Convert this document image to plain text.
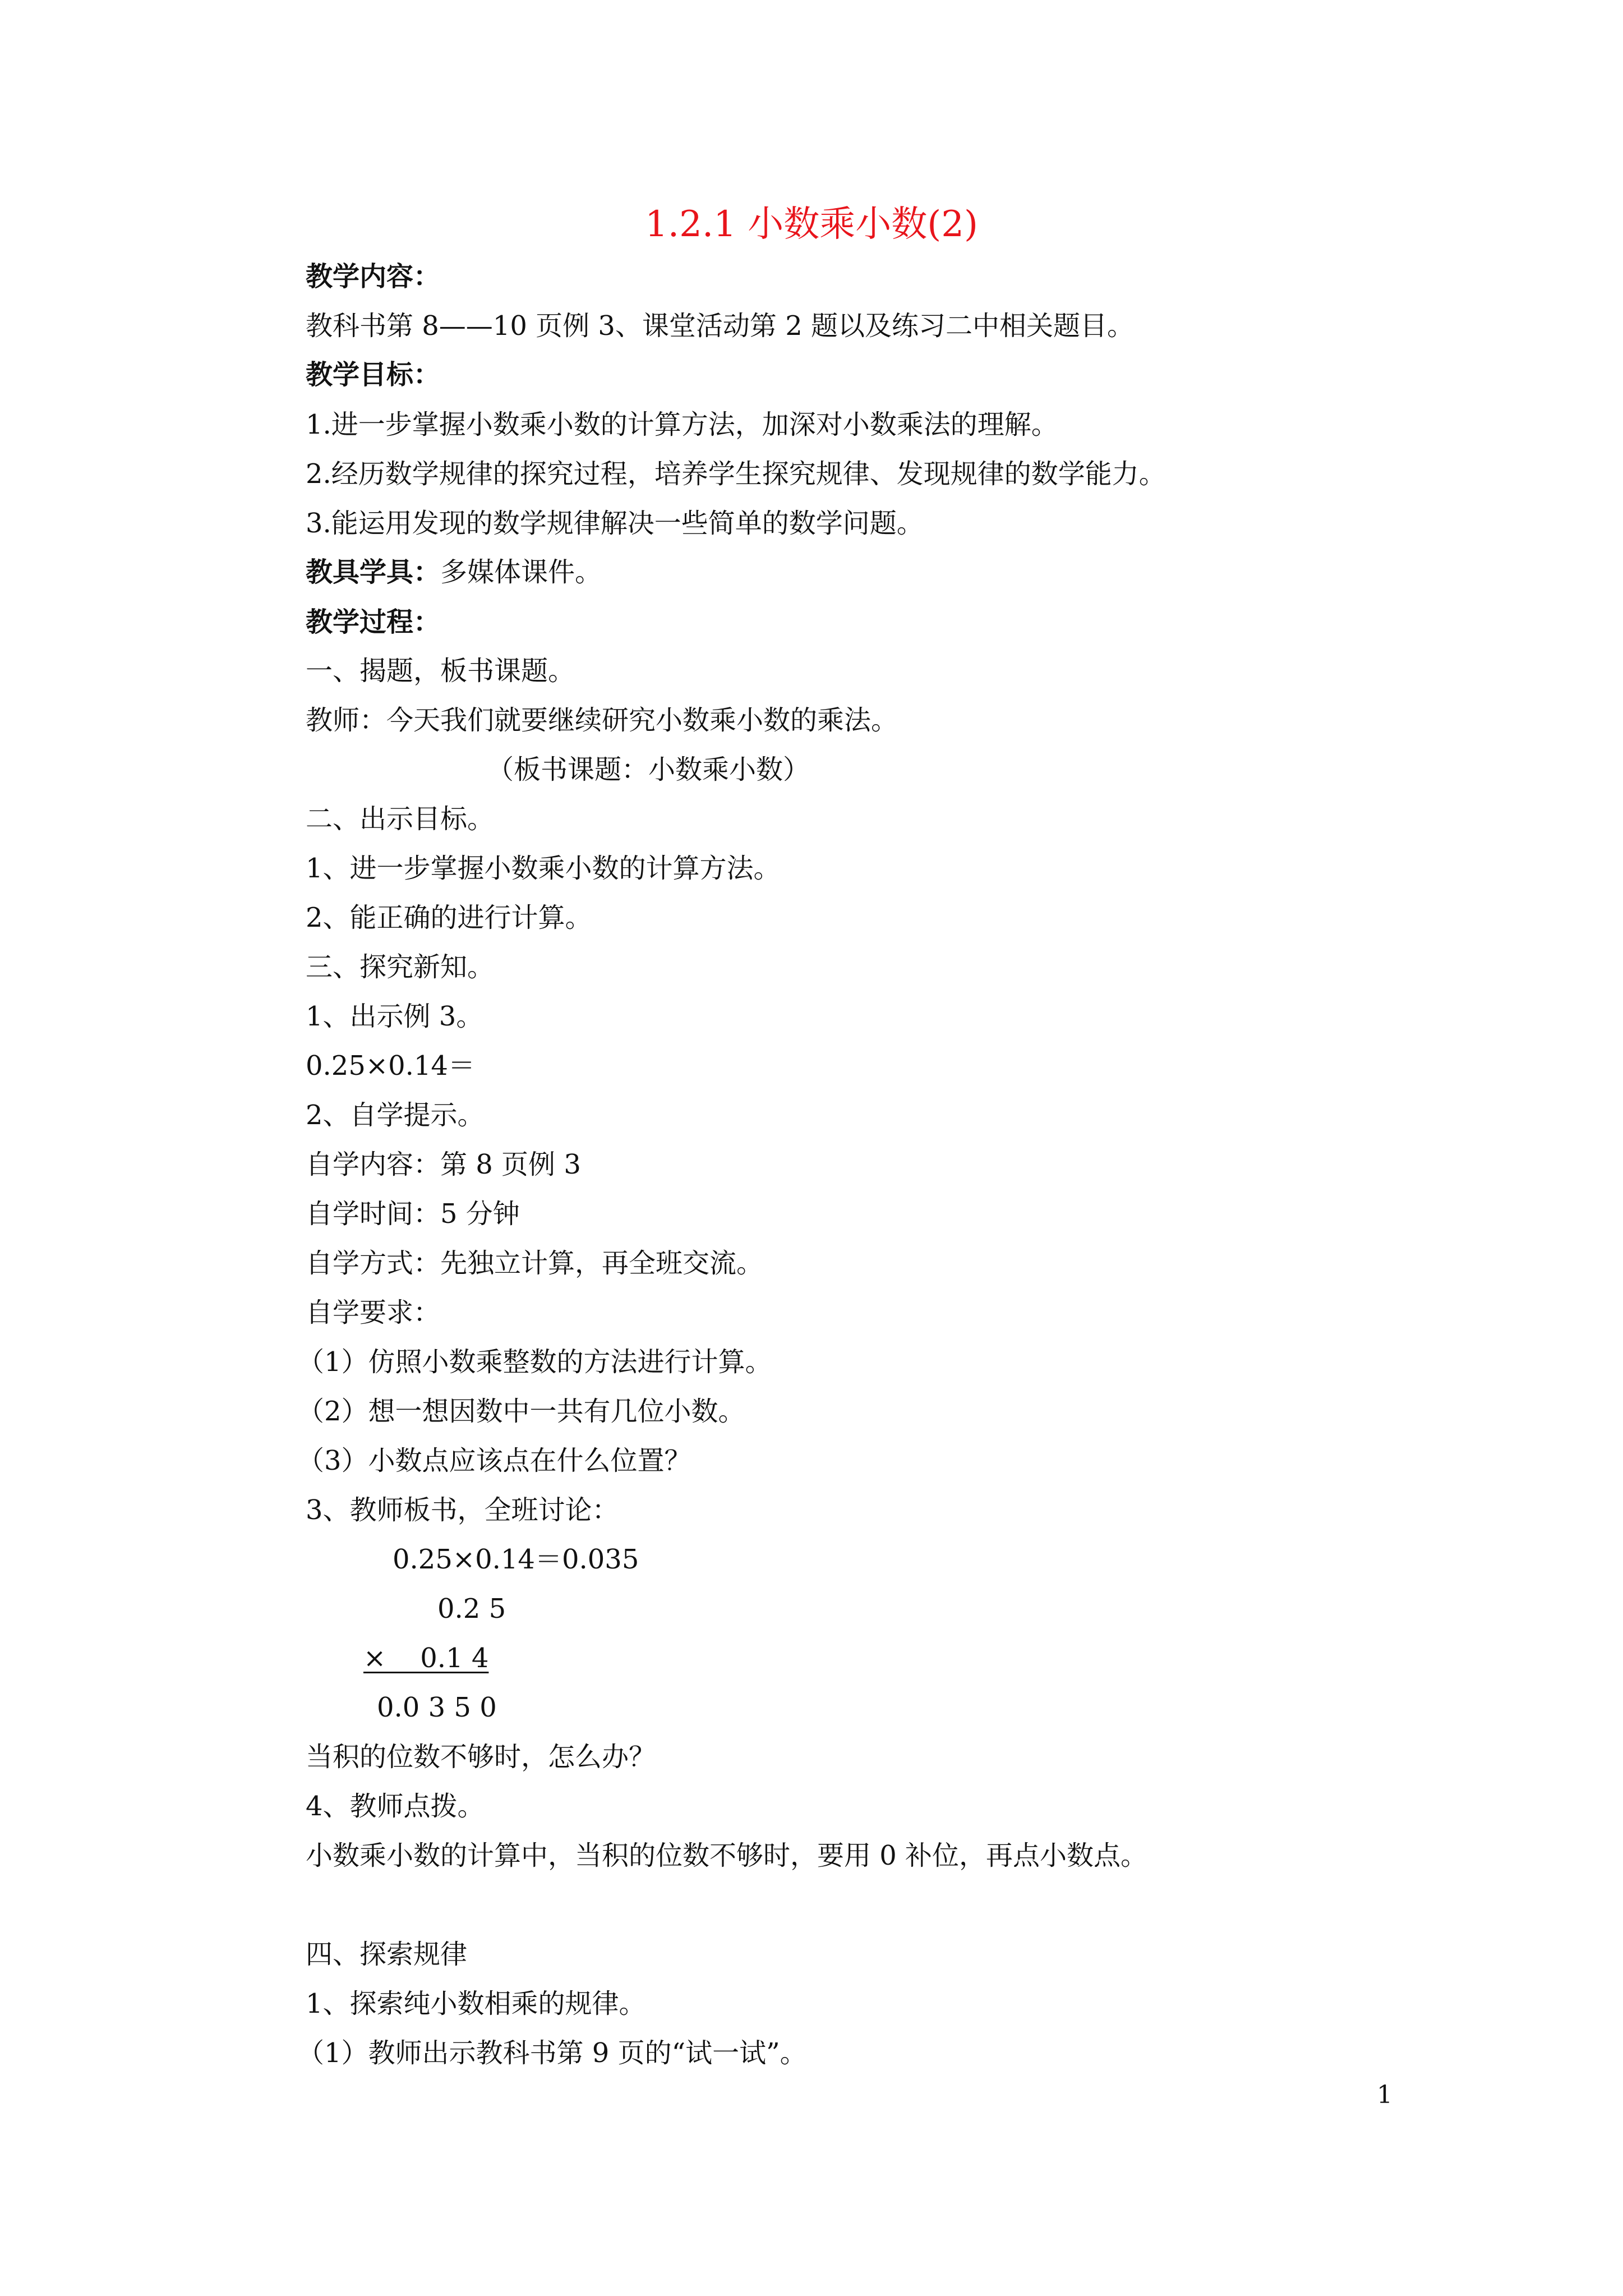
1.2.1 小数乘小数(2)
教学内容：
教科书第 8——10 页例 3、课堂活动第 2 题以及练习二中相关题目。
教学目标：
1.进一步掌握小数乘小数的计算方法，加深对小数乘法的理解。
2.经历数学规律的探究过程，培养学生探究规律、发现规律的数学能力。
3.能运用发现的数学规律解决一些简单的数学问题。
教具学具：多媒体课件。
教学过程：
一、揭题，板书课题。
教师：今天我们就要继续研究小数乘小数的乘法。
（板书课题：小数乘小数）
二、出示目标。
1、进一步掌握小数乘小数的计算方法。
2、能正确的进行计算。
三、探究新知。
1、出示例 3。
0.25×0.14＝
2、自学提示。
自学内容：第 8 页例 3
自学时间：5 分钟
自学方式：先独立计算，再全班交流。
自学要求：
（1）仿照小数乘整数的方法进行计算。
（2）想一想因数中一共有几位小数。
（3）小数点应该点在什么位置？
3、教师板书，全班讨论：
0.25×0.14＝0.035
0.2 5
×    0.1 4
0.0 3 5 0
当积的位数不够时，怎么办？
4、教师点拨。
小数乘小数的计算中，当积的位数不够时，要用 0 补位，再点小数点。
四、探索规律
1、探索纯小数相乘的规律。
（1）教师出示教科书第 9 页的“试一试”。
1
